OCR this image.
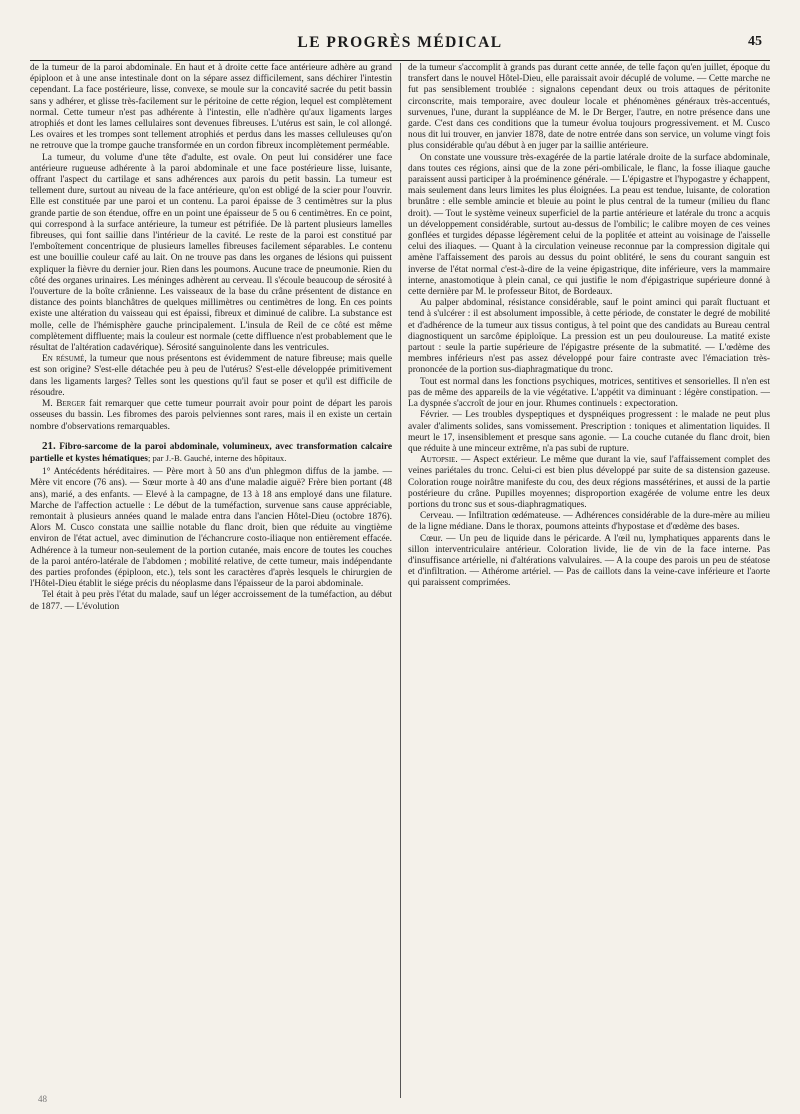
LE PROGRÈS MÉDICAL	45

de la tumeur de la paroi abdominale. En haut et à droite cette face antérieure adhère au grand épiploon et à une anse intestinale dont on la sépare assez difficilement, sans déchirer l'intestin cependant. La face postérieure, lisse, convexe, se moule sur la concavité sacrée du petit bassin sans y adhérer, et glisse très-facilement sur le péritoine de cette région, lequel est complètement normal. Cette tumeur n'est pas adhérente à l'intestin, elle n'adhère qu'aux ligaments larges atrophiés et dont les lames cellulaires sont devenues fibreuses. L'utérus est sain, le col allongé. Les ovaires et les trompes sont tellement atrophiés et perdus dans les masses celluleuses qu'on ne retrouve que la trompe gauche transformée en un cordon fibreux incomplètement perméable.

La tumeur, du volume d'une tête d'adulte, est ovale. On peut lui considérer une face antérieure rugueuse adhérente à la paroi abdominale et une face postérieure lisse, luisante, offrant l'aspect du cartilage et sans adhérences aux parois du petit bassin. La tumeur est tellement dure, surtout au niveau de la face antérieure, qu'on est obligé de la scier pour l'ouvrir. Elle est constituée par une paroi et un contenu. La paroi épaisse de 3 centimètres sur la plus grande partie de son étendue, offre en un point une épaisseur de 5 ou 6 centimètres. En ce point, qui correspond à la surface antérieure, la tumeur est pétrifiée. De là partent plusieurs lamelles fibreuses, qui font saillie dans l'intérieur de la cavité. Le reste de la paroi est constitué par l'emboîtement concentrique de plusieurs lamelles fibreuses facilement séparables. Le contenu est une bouillie couleur café au lait. On ne trouve pas dans les organes de lésions qui puissent expliquer la fièvre du dernier jour. Rien dans les poumons. Aucune trace de pneumonie. Rien du côté des organes urinaires. Les méninges adhèrent au cerveau. Il s'écoule beaucoup de sérosité à l'ouverture de la boîte crânienne. Les vaisseaux de la base du crâne présentent de distance en distance des points blanchâtres de quelques millimètres ou centimètres de long. En ces points existe une altération du vaisseau qui est épaissi, fibreux et diminué de calibre. La substance est molle, celle de l'hémisphère gauche principalement. L'insula de Reil de ce côté est même complètement diffluente; mais la couleur est normale (cette diffluence n'est probablement que le résultat de l'altération cadavérique). Sérosité sanguinolente dans les ventricules.

En résumé, la tumeur que nous présentons est évidemment de nature fibreuse; mais quelle est son origine? S'est-elle détachée peu à peu de l'utérus? S'est-elle développée primitivement dans les ligaments larges? Telles sont les questions qu'il faut se poser et qu'il est difficile de résoudre.

M. Berger fait remarquer que cette tumeur pourrait avoir pour point de départ les parois osseuses du bassin. Les fibromes des parois pelviennes sont rares, mais il en existe un certain nombre d'observations remarquables.

21. Fibro-sarcome de la paroi abdominale, volumineux, avec transformation calcaire partielle et kystes hématiques; par J.-B. Gauché, interne des hôpitaux.

1° Antécédents héréditaires. — Père mort à 50 ans d'un phlegmon diffus de la jambe. — Mère vit encore (76 ans). — Sœur morte à 40 ans d'une maladie aiguë? Frère bien portant (48 ans), marié, a des enfants. — Elevé à la campagne, de 13 à 18 ans employé dans une filature. Marche de l'affection actuelle : Le début de la tuméfaction, survenue sans cause appréciable, remontait à plusieurs années quand le malade entra dans l'ancien Hôtel-Dieu (octobre 1876). Alors M. Cusco constata une saillie notable du flanc droit, bien que réduite au vingtième environ de l'état actuel, avec diminution de l'échancrure costo-iliaque non entièrement effacée. Adhérence à la tumeur non-seulement de la portion cutanée, mais encore de toutes les couches de la paroi antéro-latérale de l'abdomen ; mobilité relative, de cette tumeur, mais indépendante des parties profondes (épiploon, etc.), tels sont les caractères d'après lesquels le chirurgien de l'Hôtel-Dieu établit le siége précis du néoplasme dans l'épaisseur de la paroi abdominale.

Tel était à peu près l'état du malade, sauf un léger accroissement de la tuméfaction, au début de 1877. — L'évolution

de la tumeur s'accomplit à grands pas durant cette année, de telle façon qu'en juillet, époque du transfert dans le nouvel Hôtel-Dieu, elle paraissait avoir décuplé de volume. — Cette marche ne fut pas sensiblement troublée : signalons cependant deux ou trois attaques de péritonite circonscrite, mais temporaire, avec douleur locale et phénomènes généraux très-accentués, survenues, l'une, durant la suppléance de M. le Dr Berger, l'autre, en notre présence dans une garde. C'est dans ces conditions que la tumeur évolua toujours progressivement. et M. Cusco nous dit lui trouver, en janvier 1878, date de notre entrée dans son service, un volume vingt fois plus considérable qu'au début à en juger par la saillie antérieure.

On constate une voussure très-exagérée de la partie latérale droite de la surface abdominale, dans toutes ces régions, ainsi que de la zone péri-ombilicale, le flanc, la fosse iliaque gauche paraissent aussi participer à la proéminence générale. — L'épigastre et l'hypogastre y échappent, mais seulement dans leurs limites les plus éloignées. La peau est tendue, luisante, de coloration brunâtre : elle semble amincie et bleuie au point le plus central de la tumeur (milieu du flanc droit). — Tout le système veineux superficiel de la partie antérieure et latérale du tronc a acquis un développement considérable, surtout au-dessus de l'ombilic; le calibre moyen de ces veines gonflées et turgides dépasse légèrement celui de la poplitée et atteint au voisinage de l'aisselle celui des iliaques. — Quant à la circulation veineuse reconnue par la compression digitale qui amène l'affaissement des parois au dessus du point oblitéré, le sens du courant sanguin est inverse de l'état normal c'est-à-dire de la veine épigastrique, dite inférieure, vers la mammaire interne, anastomotique à plein canal, ce qui justifie le nom d'épigastrique supérieure donné à cette dernière par M. le professeur Bitot, de Bordeaux.

Au palper abdominal, résistance considérable, sauf le point aminci qui paraît fluctuant et tend à s'ulcérer : il est absolument impossible, à cette période, de constater le degré de mobilité et d'adhérence de la tumeur aux tissus contigus, à tel point que des candidats au Bureau central diagnostiquent un sarcôme épiploïque. La pression est un peu douloureuse. La matité existe partout : seule la partie supérieure de l'épigastre présente de la submatité. — L'œdème des membres inférieurs n'est pas assez développé pour faire contraste avec l'émaciation très-prononcée de la portion sus-diaphragmatique du tronc.

Tout est normal dans les fonctions psychiques, motrices, sentitives et sensorielles. Il n'en est pas de même des appareils de la vie végétative. L'appétit va diminuant : légère constipation. — La dyspnée s'accroît de jour en jour. Rhumes continuels : expectoration.

Février. — Les troubles dyspeptiques et dyspnéiques progressent : le malade ne peut plus avaler d'aliments solides, sans vomissement. Prescription : toniques et alimentation liquides. Il meurt le 17, insensiblement et presque sans agonie. — La couche cutanée du flanc droit, bien que réduite à une minceur extrême, n'a pas subi de rupture.

Autopsie. — Aspect extérieur. Le même que durant la vie, sauf l'affaissement complet des veines pariétales du tronc. Celui-ci est bien plus développé par suite de sa distension gazeuse. Coloration rouge noirâtre manifeste du cou, des deux régions massétérines, et aussi de la partie postérieure du crâne. Pupilles moyennes; disproportion exagérée de volume entre les deux portions du tronc sus et sous-diaphragmatiques.

Cerveau. — Infiltration œdémateuse. — Adhérences considérable de la dure-mère au milieu de la ligne médiane. Dans le thorax, poumons atteints d'hypostase et d'œdème des bases.

Cœur. — Un peu de liquide dans le péricarde. A l'œil nu, lymphatiques apparents dans le sillon interventriculaire antérieur. Coloration livide, lie de vin de la face interne. Pas d'insuffisance artérielle, ni d'altérations valvulaires. — A la coupe des parois un peu de stéatose et d'infiltration. — Athérome artériel. — Pas de caillots dans la veine-cave inférieure et l'aorte qui paraissent comprimées.

48
